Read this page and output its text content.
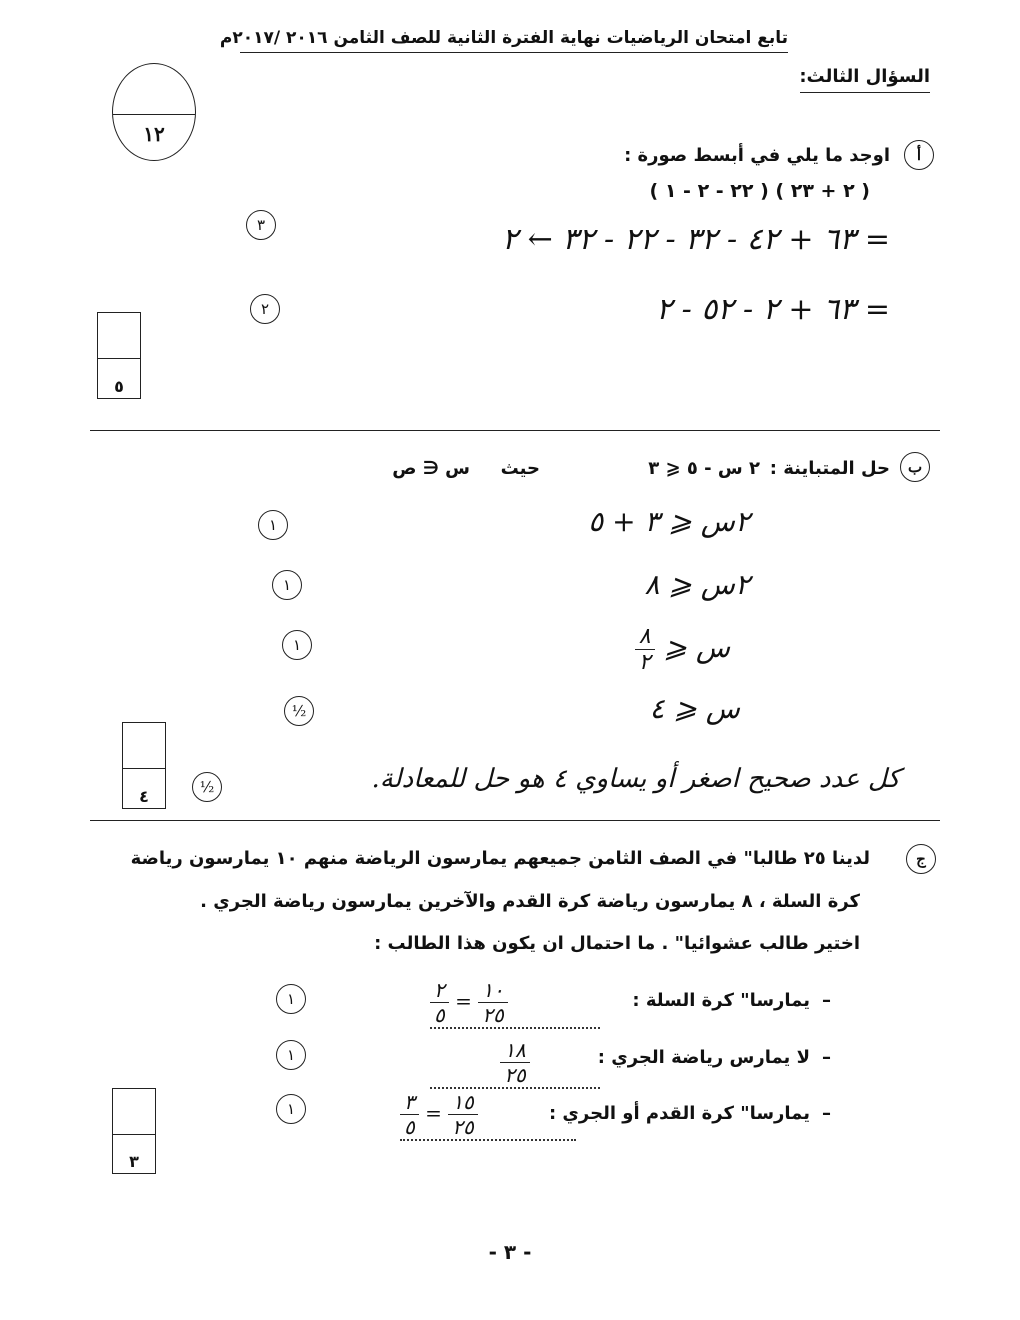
تابع امتحان الرياضيات نهاية الفترة الثانية للصف الثامن ٢٠١٦ /٢٠١٧م
السؤال الثالث:
١٢
أ
اوجد ما يلي في أبسط صورة :
( ٢ + ٢٣ ) ( ٢٢ - ٢ - ١ )
= ٦٣ + ٤٢ - ٣٢ - ٢٢ - ٣٢ ← ٢
= ٦٣ + ٢ - ٥٢ - ٢
٣
٢
٥
ب
حل المتباينة :
٢ س - ٥ ⩽ ٣
حيث
س ∈ ص
٢س ⩽ ٣ + ٥
٢س ⩽ ٨
س ⩽
$\frac{٨}{٢}$
س ⩽ ٤
١
١
١
½
كل عدد صحيح اصغر أو يساوي ٤ هو حل للمعادلة.
½
٤
ج
لدينا ٢٥ طالبا" في الصف الثامن جميعهم يمارسون الرياضة منهم ١٠ يمارسون رياضة
كرة السلة ، ٨ يمارسون رياضة كرة القدم والآخرين يمارسون رياضة الجري .
اختير طالب عشوائيا" . ما احتمال ان يكون هذا الطالب :
–
يمارسا" كرة السلة :
$\frac{٢}{٥} = \frac{١٠}{٢٥}$
–
لا يمارس رياضة الجري :
$\frac{١٨}{٢٥}$
–
يمارسا" كرة القدم أو الجري :
$\frac{٣}{٥} = \frac{١٥}{٢٥}$
١
١
١
٣
- ٣ -
